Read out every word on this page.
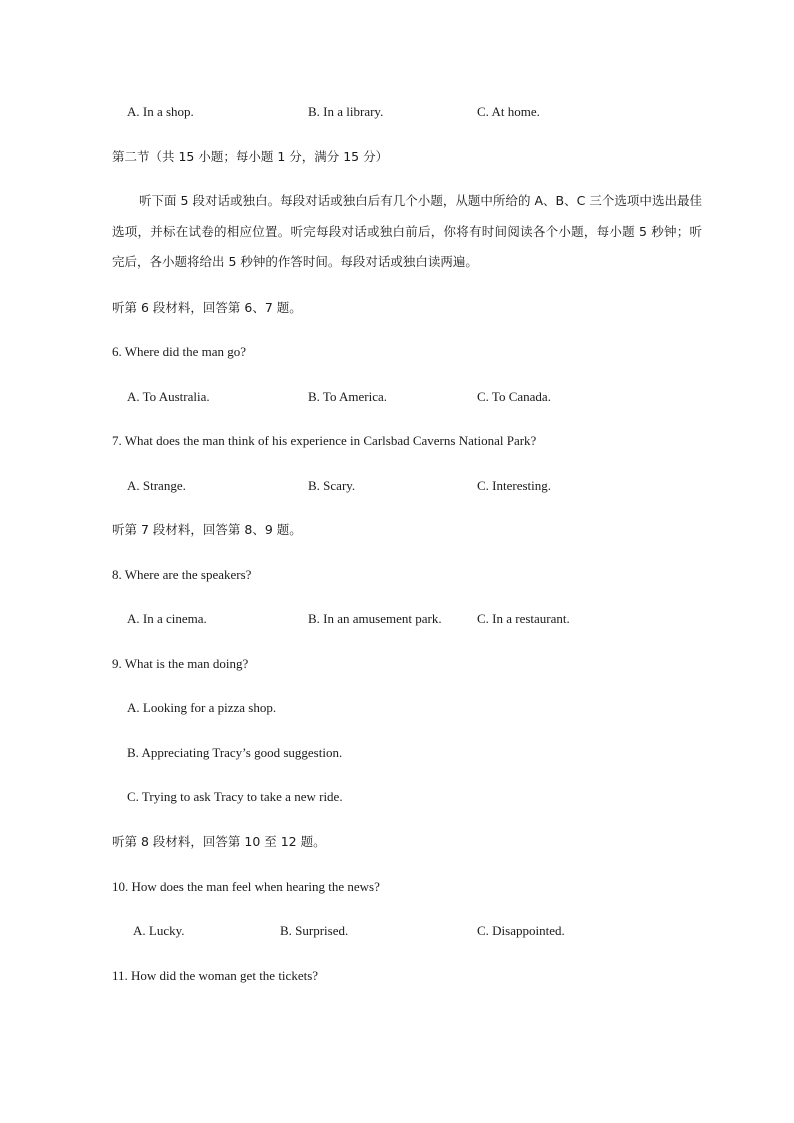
A. In a shop.	B. In a library.	C. At home.
第二节（共 15 小题；每小题 1 分，满分 15 分）
听下面 5 段对话或独白。每段对话或独白后有几个小题，从题中所给的 A、B、C 三个选项中选出最佳选项，并标在试卷的相应位置。听完每段对话或独白前后，你将有时间阅读各个小题，每小题 5 秒钟；听完后，各小题将给出 5 秒钟的作答时间。每段对话或独白读两遍。
听第 6 段材料，回答第 6、7 题。
6. Where did the man go?
A. To Australia.	B. To America.	C. To Canada.
7. What does the man think of his experience in Carlsbad Caverns National Park?
A. Strange.	B. Scary.	C. Interesting.
听第 7 段材料，回答第 8、9 题。
8. Where are the speakers?
A. In a cinema.	B. In an amusement park.	C. In a restaurant.
9. What is the man doing?
A. Looking for a pizza shop.
B. Appreciating Tracy’s good suggestion.
C. Trying to ask Tracy to take a new ride.
听第 8 段材料，回答第 10 至 12 题。
10. How does the man feel when hearing the news?
A. Lucky.	B. Surprised.	C. Disappointed.
11. How did the woman get the tickets?
